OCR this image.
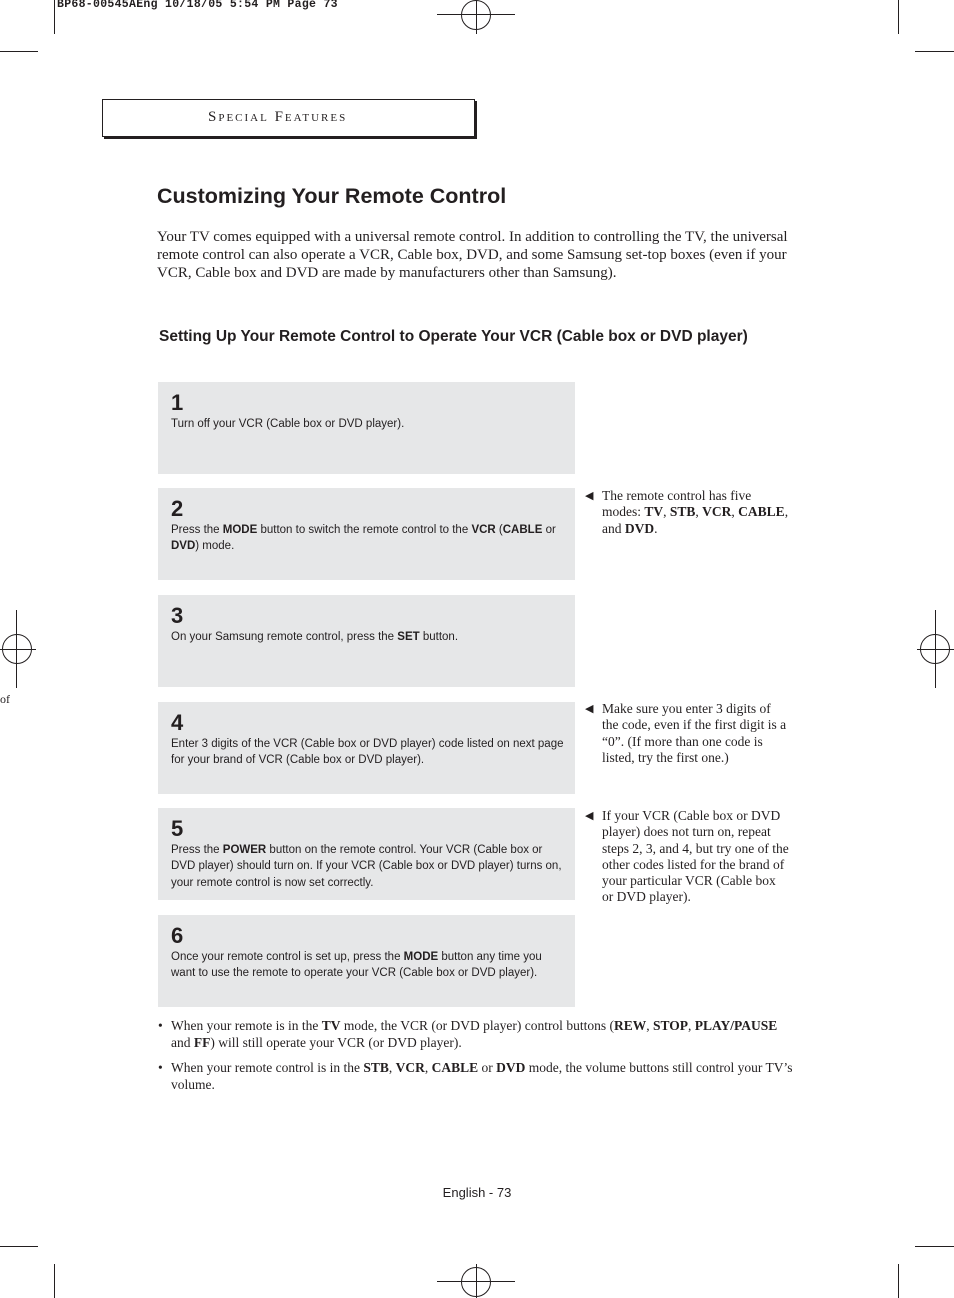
BP68-00545AEng 10/18/05 5:54 PM Page 73
of
Special Features
Customizing Your Remote Control
Your TV comes equipped with a universal remote control. In addition to controlling the TV, the universal remote control can also operate a VCR, Cable box, DVD, and some Samsung set-top boxes (even if your VCR, Cable box and DVD are made by manufacturers other than Samsung).
Setting Up Your Remote Control to Operate Your VCR (Cable box or DVD player)
1
Turn off your VCR (Cable box or DVD player).
2
Press the MODE button to switch the remote control to the VCR (CABLE or DVD) mode.
3
On your Samsung remote control, press the SET button.
4
Enter 3 digits of the VCR (Cable box or DVD player) code listed on next page for your brand of VCR (Cable box or DVD player).
5
Press the POWER button on the remote control. Your VCR (Cable box or DVD player) should turn on. If your VCR (Cable box or DVD player) turns on, your remote control is now set correctly.
6
Once your remote control is set up, press the MODE button any time you want to use the remote to operate your VCR (Cable box or DVD player).
◀ The remote control has five modes: TV, STB, VCR, CABLE, and DVD.
◀ Make sure you enter 3 digits of the code, even if the first digit is a “0”. (If more than one code is listed, try the first one.)
◀ If your VCR (Cable box or DVD player) does not turn on, repeat steps 2, 3, and 4, but try one of the other codes listed for the brand of your particular VCR (Cable box or DVD player).
• When your remote is in the TV mode, the VCR (or DVD player) control buttons (REW, STOP, PLAY/PAUSE and FF) will still operate your VCR (or DVD player).
• When your remote control is in the STB, VCR, CABLE or DVD mode, the volume buttons still control your TV’s volume.
English - 73
